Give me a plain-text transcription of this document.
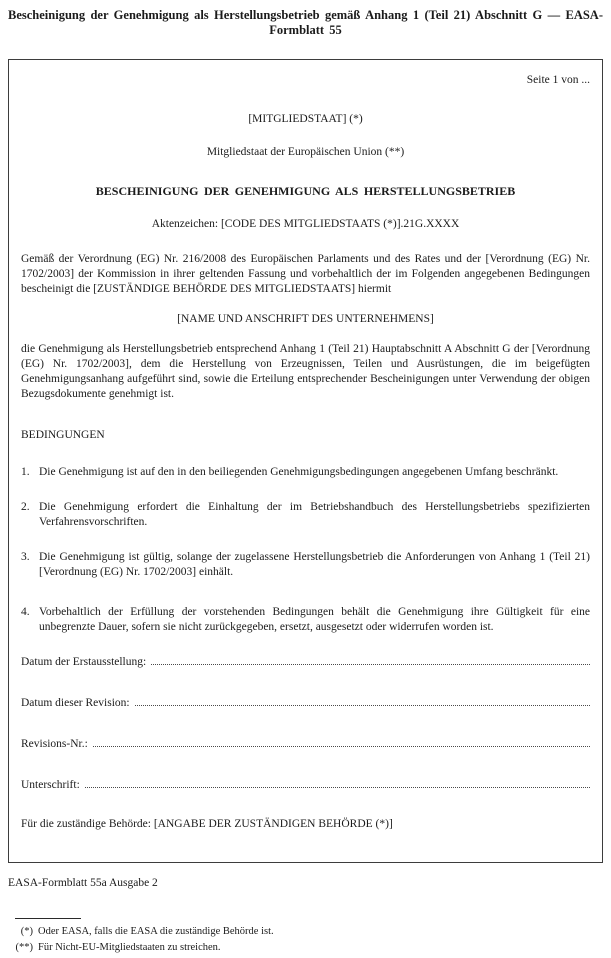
Bescheinigung der Genehmigung als Herstellungsbetrieb gemäß Anhang 1 (Teil 21) Abschnitt G — EASA-
Formblatt 55
Seite 1 von ...
[MITGLIEDSTAAT] (*)
Mitgliedstaat der Europäischen Union (**)
BESCHEINIGUNG DER GENEHMIGUNG ALS HERSTELLUNGSBETRIEB
Aktenzeichen: [CODE DES MITGLIEDSTAATS (*)].21G.XXXX
Gemäß der Verordnung (EG) Nr. 216/2008 des Europäischen Parlaments und des Rates und der [Verordnung (EG) Nr. 1702/2003] der Kommission in ihrer geltenden Fassung und vorbehaltlich der im Folgenden angegebenen Bedingungen bescheinigt die [ZUSTÄNDIGE BEHÖRDE DES MITGLIEDSTAATS] hiermit
[NAME UND ANSCHRIFT DES UNTERNEHMENS]
die Genehmigung als Herstellungsbetrieb entsprechend Anhang 1 (Teil 21) Hauptabschnitt A Abschnitt G der [Verordnung (EG) Nr. 1702/2003], dem die Herstellung von Erzeugnissen, Teilen und Ausrüstungen, die im beigefügten Genehmigungsanhang aufgeführt sind, sowie die Erteilung entsprechender Bescheinigungen unter Verwendung der obigen Bezugsdokumente genehmigt ist.
BEDINGUNGEN
1. Die Genehmigung ist auf den in den beiliegenden Genehmigungsbedingungen angegebenen Umfang beschränkt.
2. Die Genehmigung erfordert die Einhaltung der im Betriebshandbuch des Herstellungsbetriebs spezifizierten Verfahrensvorschriften.
3. Die Genehmigung ist gültig, solange der zugelassene Herstellungsbetrieb die Anforderungen von Anhang 1 (Teil 21) [Verordnung (EG) Nr. 1702/2003] einhält.
4. Vorbehaltlich der Erfüllung der vorstehenden Bedingungen behält die Genehmigung ihre Gültigkeit für eine unbegrenzte Dauer, sofern sie nicht zurückgegeben, ersetzt, ausgesetzt oder widerrufen worden ist.
Datum der Erstausstellung:
Datum dieser Revision:
Revisions-Nr.:
Unterschrift:
Für die zuständige Behörde: [ANGABE DER ZUSTÄNDIGEN BEHÖRDE (*)]
EASA-Formblatt 55a Ausgabe 2
(*) Oder EASA, falls die EASA die zuständige Behörde ist.
(**) Für Nicht-EU-Mitgliedstaaten zu streichen.
